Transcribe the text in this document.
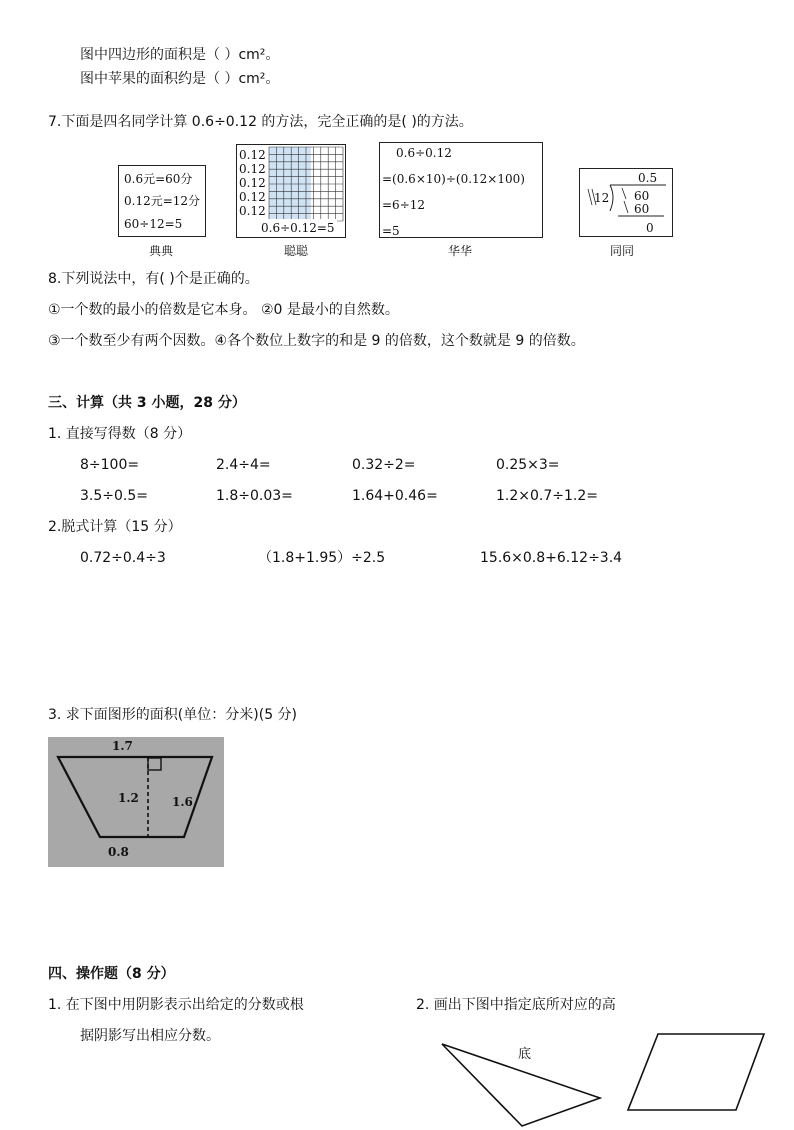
图中四边形的面积是（ ）cm²。
图中苹果的面积约是（ ）cm²。
7.下面是四名同学计算 0.6÷0.12 的方法，完全正确的是( )的方法。
0.6元=60分
0.12元=12分
60÷12=5
典典
0.12
0.12
0.12
0.12
0.12
0.6÷0.12=5
聪聪
0.6÷0.12
=(0.6×10)÷(0.12×100)
=6÷12
=5
华华
0.5
12 60
60
0
同同
8.下列说法中，有( )个是正确的。
①一个数的最小的倍数是它本身。 ②0 是最小的自然数。
③一个数至少有两个因数。④各个数位上数字的和是 9 的倍数，这个数就是 9 的倍数。
三、计算（共 3 小题，28 分）
1. 直接写得数（8 分）
8÷100=	2.4÷4=	0.32÷2=	0.25×3=
3.5÷0.5=	1.8÷0.03=	1.64+0.46=	1.2×0.7÷1.2=
2.脱式计算（15 分）
0.72÷0.4÷3	（1.8+1.95）÷2.5	15.6×0.8+6.12÷3.4
3. 求下面图形的面积(单位：分米)(5 分)
1.7
1.2	1.6
0.8
四、操作题（8 分）
1. 在下图中用阴影表示出给定的分数或根
据阴影写出相应分数。
2. 画出下图中指定底所对应的高
底
